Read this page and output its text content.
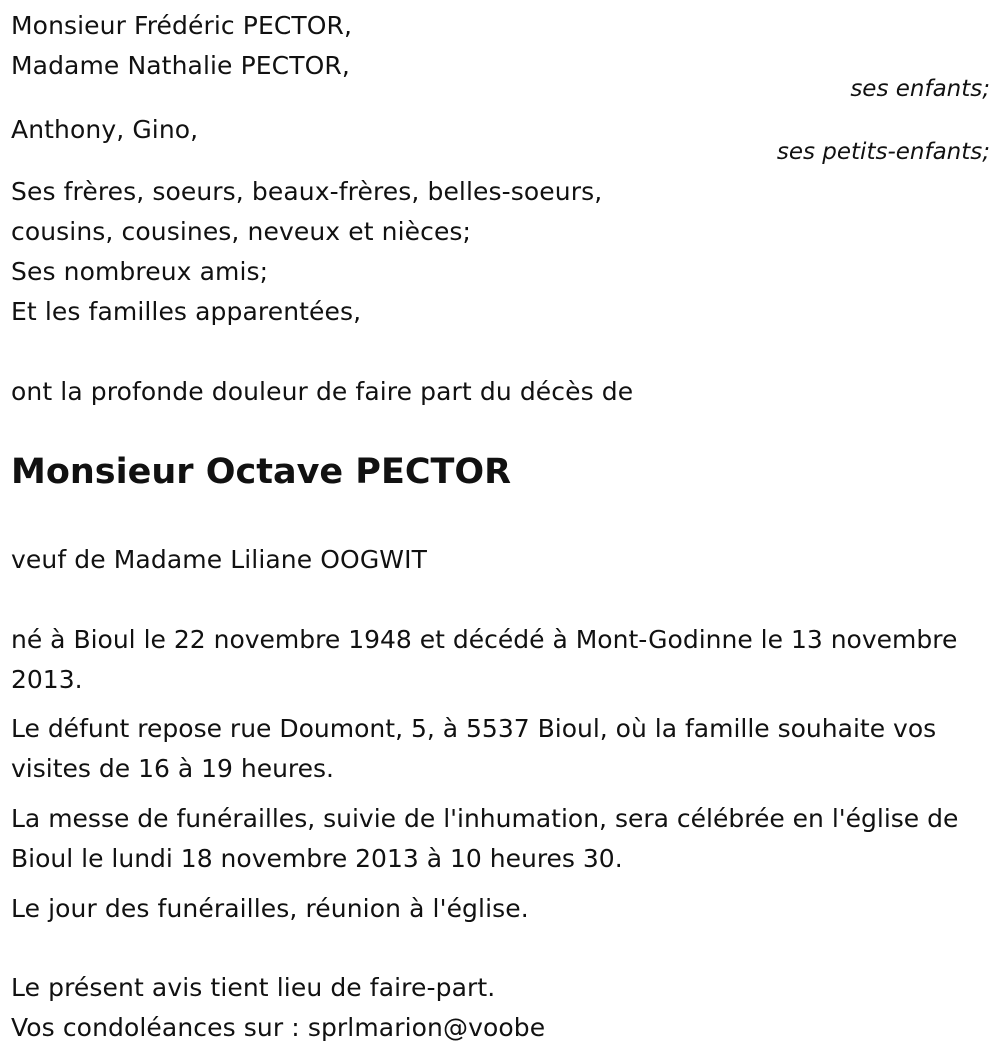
Monsieur Frédéric PECTOR,
Madame Nathalie PECTOR,
ses enfants;
Anthony, Gino,
ses petits-enfants;
Ses frères, soeurs, beaux-frères, belles-soeurs,
cousins, cousines, neveux et nièces;
Ses nombreux amis;
Et les familles apparentées,
ont la profonde douleur de faire part du décès de
Monsieur Octave PECTOR
veuf de Madame Liliane OOGWIT
né à Bioul le 22 novembre 1948 et décédé à Mont-Godinne le 13 novembre 2013.
Le défunt repose rue Doumont, 5, à 5537 Bioul, où la famille souhaite vos visites de 16 à 19 heures.
La messe de funérailles, suivie de l'inhumation, sera célébrée en l'église de Bioul le lundi 18 novembre 2013 à 10 heures 30.
Le jour des funérailles, réunion à l'église.
Le présent avis tient lieu de faire-part.
Vos condoléances sur : sprlmarion@voobe
